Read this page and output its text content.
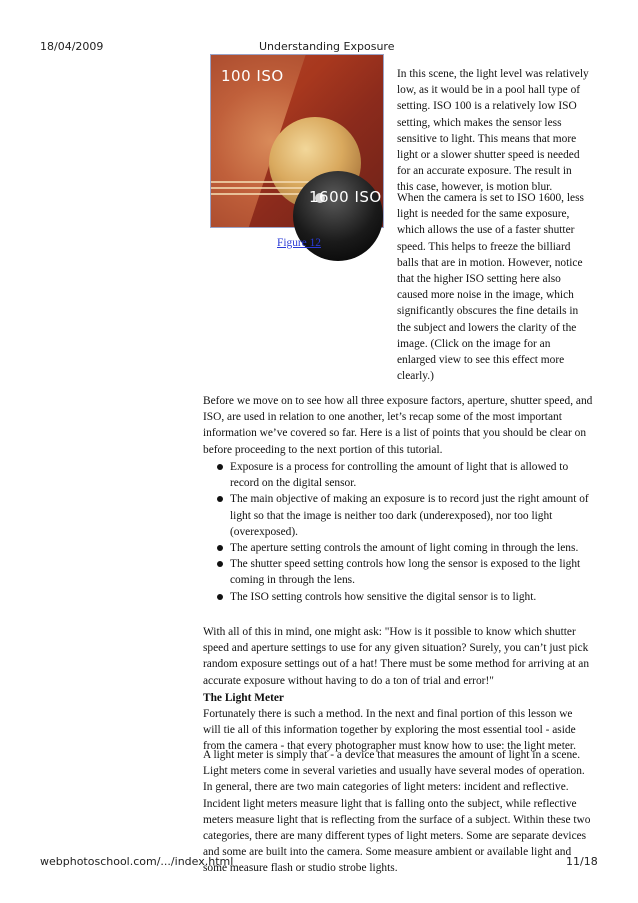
18/04/2009	Understanding Exposure
100 ISO
1600 ISO
Figure 12

In this scene, the light level was relatively low, as it would be in a pool hall type of setting. ISO 100 is a relatively low ISO setting, which makes the sensor less sensitive to light. This means that more light or a slower shutter speed is needed for an accurate exposure. The result in this case, however, is motion blur.

When the camera is set to ISO 1600, less light is needed for the same exposure, which allows the use of a faster shutter speed. This helps to freeze the billiard balls that are in motion. However, notice that the higher ISO setting here also caused more noise in the image, which significantly obscures the fine details in the subject and lowers the clarity of the image. (Click on the image for an enlarged view to see this effect more clearly.)

Before we move on to see how all three exposure factors, aperture, shutter speed, and ISO, are used in relation to one another, let’s recap some of the most important information we’ve covered so far. Here is a list of points that you should be clear on before proceeding to the next portion of this tutorial.

Exposure is a process for controlling the amount of light that is allowed to record on the digital sensor.
The main objective of making an exposure is to record just the right amount of light so that the image is neither too dark (underexposed), nor too light (overexposed).
The aperture setting controls the amount of light coming in through the lens.
The shutter speed setting controls how long the sensor is exposed to the light coming in through the lens.
The ISO setting controls how sensitive the digital sensor is to light.

With all of this in mind, one might ask: "How is it possible to know which shutter speed and aperture settings to use for any given situation? Surely, you can’t just pick random exposure settings out of a hat! There must be some method for arriving at an accurate exposure without having to do a ton of trial and error!"

The Light Meter

Fortunately there is such a method. In the next and final portion of this lesson we will tie all of this information together by exploring the most essential tool - aside from the camera - that every photographer must know how to use: the light meter.

A light meter is simply that - a device that measures the amount of light in a scene. Light meters come in several varieties and usually have several modes of operation. In general, there are two main categories of light meters: incident and reflective. Incident light meters measure light that is falling onto the subject, while reflective meters measure light that is reflecting from the surface of a subject. Within these two categories, there are many different types of light meters. Some are separate devices and some are built into the camera. Some measure ambient or available light and some measure flash or studio strobe lights.

webphotoschool.com/.../index.html	11/18
